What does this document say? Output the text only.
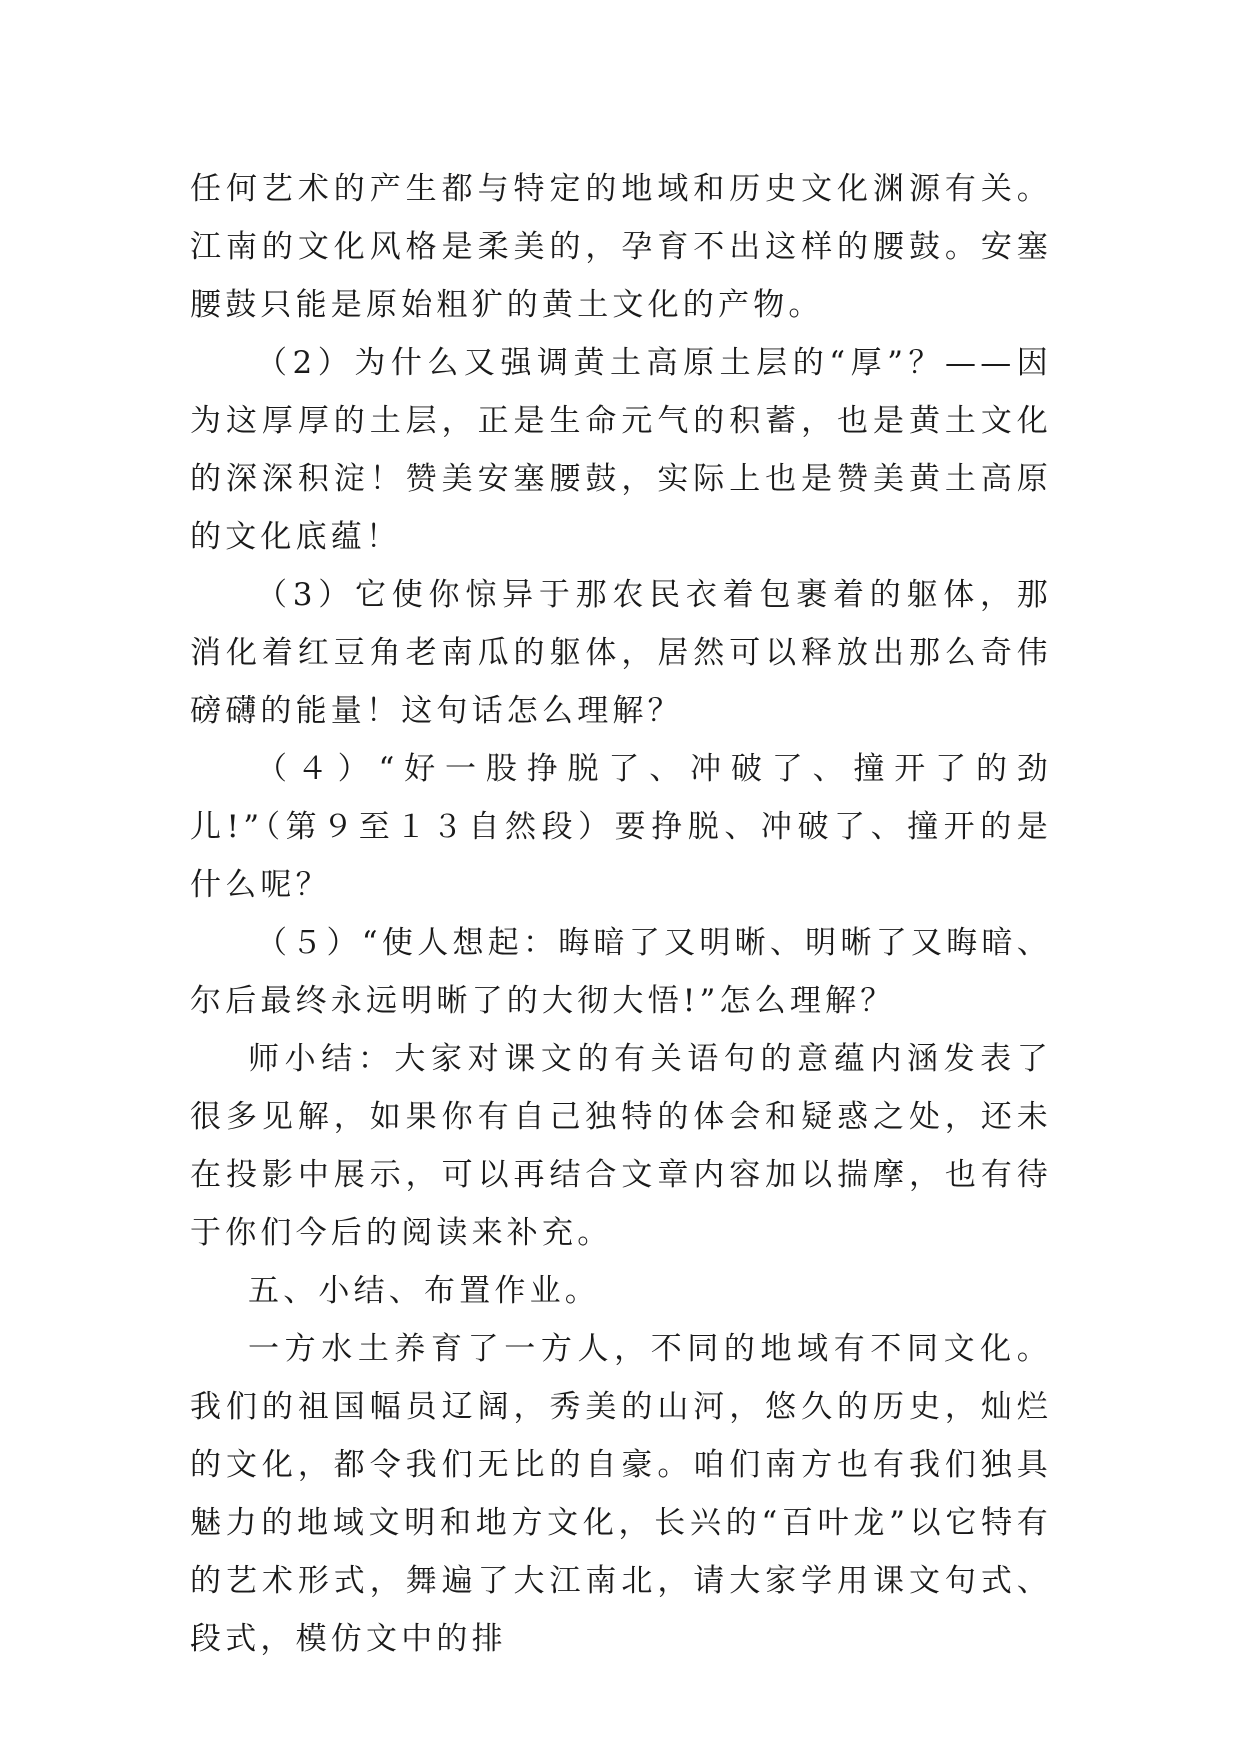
任何艺术的产生都与特定的地域和历史文化渊源有关。江南的文化风格是柔美的，孕育不出这样的腰鼓。安塞腰鼓只能是原始粗犷的黄土文化的产物。

（2）为什么又强调黄土高原土层的“厚”？——因为这厚厚的土层，正是生命元气的积蓄，也是黄土文化的深深积淀！赞美安塞腰鼓，实际上也是赞美黄土高原的文化底蕴！

（3）它使你惊异于那农民衣着包裹着的躯体，那消化着红豆角老南瓜的躯体，居然可以释放出那么奇伟磅礴的能量！这句话怎么理解？

（４）“好一股挣脱了、冲破了、撞开了的劲儿!”（第９至１３自然段）要挣脱、冲破了、撞开的是什么呢？

（５）“使人想起：晦暗了又明晰、明晰了又晦暗、尔后最终永远明晰了的大彻大悟!”怎么理解？

师小结：大家对课文的有关语句的意蕴内涵发表了很多见解，如果你有自己独特的体会和疑惑之处，还未在投影中展示，可以再结合文章内容加以揣摩，也有待于你们今后的阅读来补充。

五、小结、布置作业。

一方水土养育了一方人，不同的地域有不同文化。我们的祖国幅员辽阔，秀美的山河，悠久的历史，灿烂的文化，都令我们无比的自豪。咱们南方也有我们独具魅力的地域文明和地方文化，长兴的“百叶龙”以它特有的艺术形式，舞遍了大江南北，请大家学用课文句式、段式，模仿文中的排
